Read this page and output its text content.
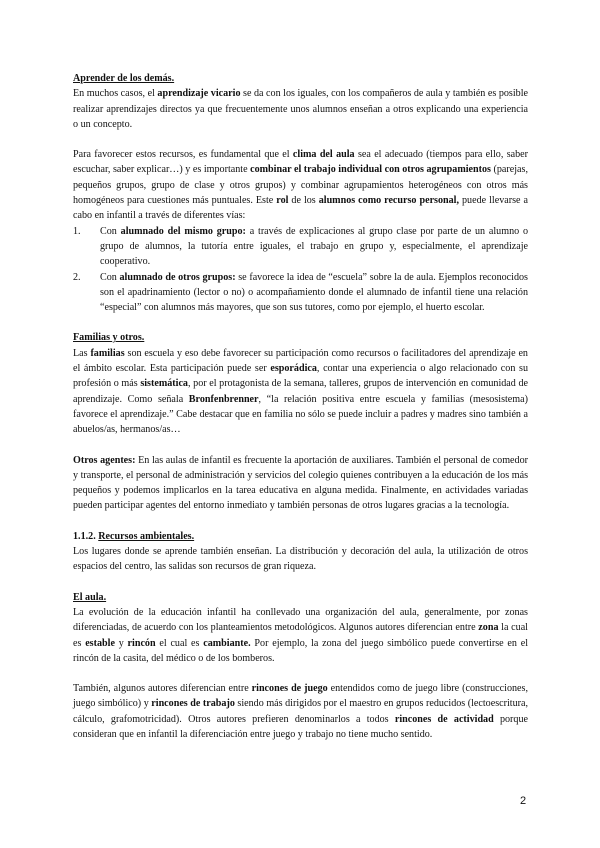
Aprender de los demás.

En muchos casos, el aprendizaje vicario se da con los iguales, con los compañeros de aula y también es posible realizar aprendizajes directos ya que frecuentemente unos alumnos enseñan a otros explicando una experiencia o un concepto.

Para favorecer estos recursos, es fundamental que el clima del aula sea el adecuado (tiempos para ello, saber escuchar, saber explicar…) y es importante combinar el trabajo individual con otros agrupamientos (parejas, pequeños grupos, grupo de clase y otros grupos) y combinar agrupamientos heterogéneos con otros más homogéneos para cuestiones más puntuales. Este rol de los alumnos como recurso personal, puede llevarse a cabo en infantil a través de diferentes vías:

1.	Con alumnado del mismo grupo: a través de explicaciones al grupo clase por parte de un alumno o grupo de alumnos, la tutoría entre iguales, el trabajo en grupo y, especialmente, el aprendizaje cooperativo.
2.	Con alumnado de otros grupos: se favorece la idea de “escuela” sobre la de aula. Ejemplos reconocidos son el apadrinamiento (lector o no) o acompañamiento donde el alumnado de infantil tiene una relación “especial” con alumnos más mayores, que son sus tutores, como por ejemplo, el huerto escolar.
Familias y otros.

Las familias son escuela y eso debe favorecer su participación como recursos o facilitadores del aprendizaje en el ámbito escolar. Esta participación puede ser esporádica, contar una experiencia o algo relacionado con su profesión o más sistemática, por el protagonista de la semana, talleres, grupos de intervención en comunidad de aprendizaje. Como señala Bronfenbrenner, “la relación positiva entre escuela y familias (mesosistema) favorece el aprendizaje.” Cabe destacar que en familia no sólo se puede incluir a padres y madres sino también a abuelos/as, hermanos/as…

Otros agentes: En las aulas de infantil es frecuente la aportación de auxiliares. También el personal de comedor y transporte, el personal de administración y servicios del colegio quienes contribuyen a la educación de los más pequeños y podemos implicarlos en la tarea educativa en alguna medida. Finalmente, en actividades variadas pueden participar agentes del entorno inmediato y también personas de otros lugares gracias a la tecnología.

1.1.2. Recursos ambientales.

Los lugares donde se aprende también enseñan. La distribución y decoración del aula, la utilización de otros espacios del centro, las salidas son recursos de gran riqueza.

El aula.

La evolución de la educación infantil ha conllevado una organización del aula, generalmente, por zonas diferenciadas, de acuerdo con los planteamientos metodológicos. Algunos autores diferencian entre zona la cual es estable y rincón el cual es cambiante. Por ejemplo, la zona del juego simbólico puede convertirse en el rincón de la casita, del médico o de los bomberos.

También, algunos autores diferencian entre rincones de juego entendidos como de juego libre (construcciones, juego simbólico) y rincones de trabajo siendo más dirigidos por el maestro en grupos reducidos (lectoescritura, cálculo, grafomotricidad). Otros autores prefieren denominarlos a todos rincones de actividad porque consideran que en infantil la diferenciación entre juego y trabajo no tiene mucho sentido.

2
